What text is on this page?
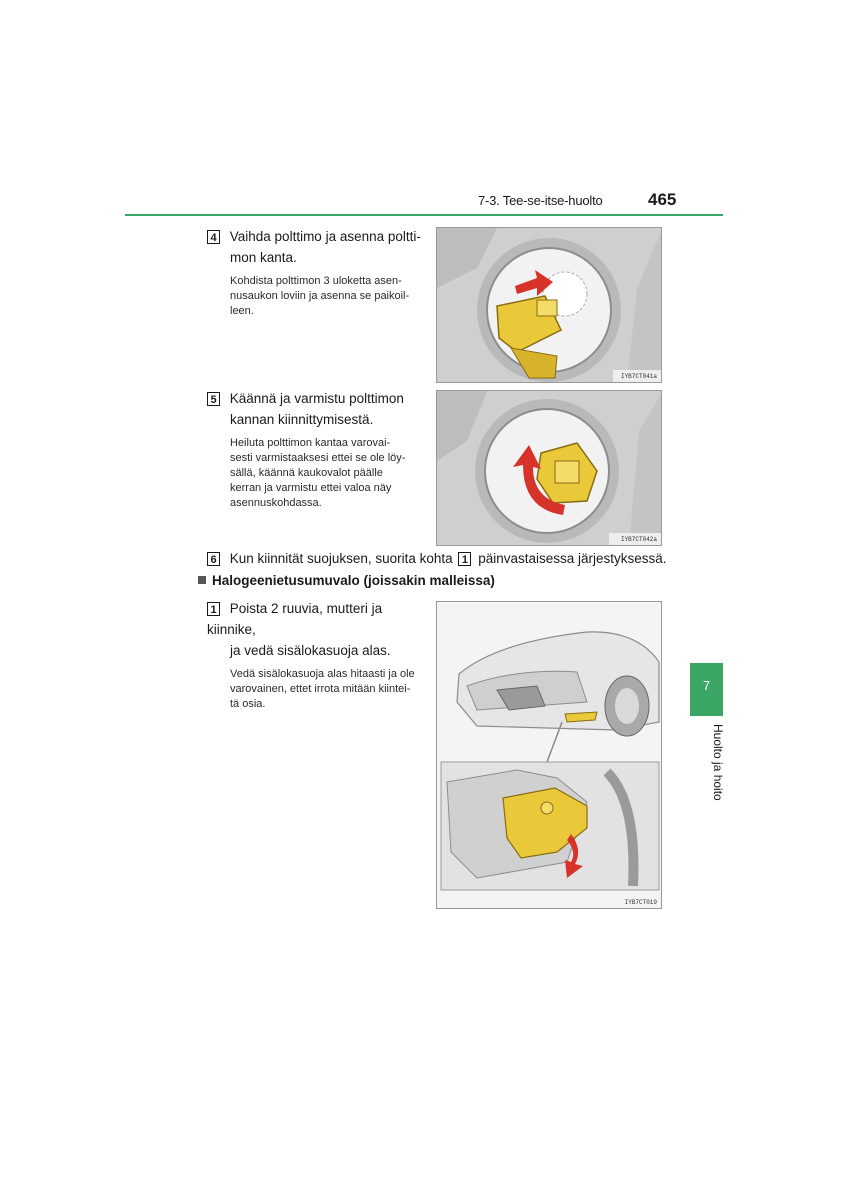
7-3. Tee-se-itse-huolto	465
4 Vaihda polttimo ja asenna poltti-
mon kanta.
Kohdista polttimon 3 uloketta asen-
nusaukon loviin ja asenna se paikoil-
leen.
IYB7CT041a
5 Käännä ja varmistu polttimon
kannan kiinnittymisestä.
Heiluta polttimon kantaa varovai-
sesti varmistaaksesi ettei se ole löy-
sällä, käännä kaukovalot päälle
kerran ja varmistu ettei valoa näy
asennuskohdassa.
IYB7CT042a
6 Kun kiinnität suojuksen, suorita kohta 1 päinvastaisessa järjestyksessä.
Halogeenietusumuvalo (joissakin malleissa)
1 Poista 2 ruuvia, mutteri ja kiinnike,
ja vedä sisälokasuoja alas.
Vedä sisälokasuoja alas hitaasti ja ole
varovainen, ettet irrota mitään kiintei-
tä osia.
IYB7CT019
7
Huolto ja hoito
